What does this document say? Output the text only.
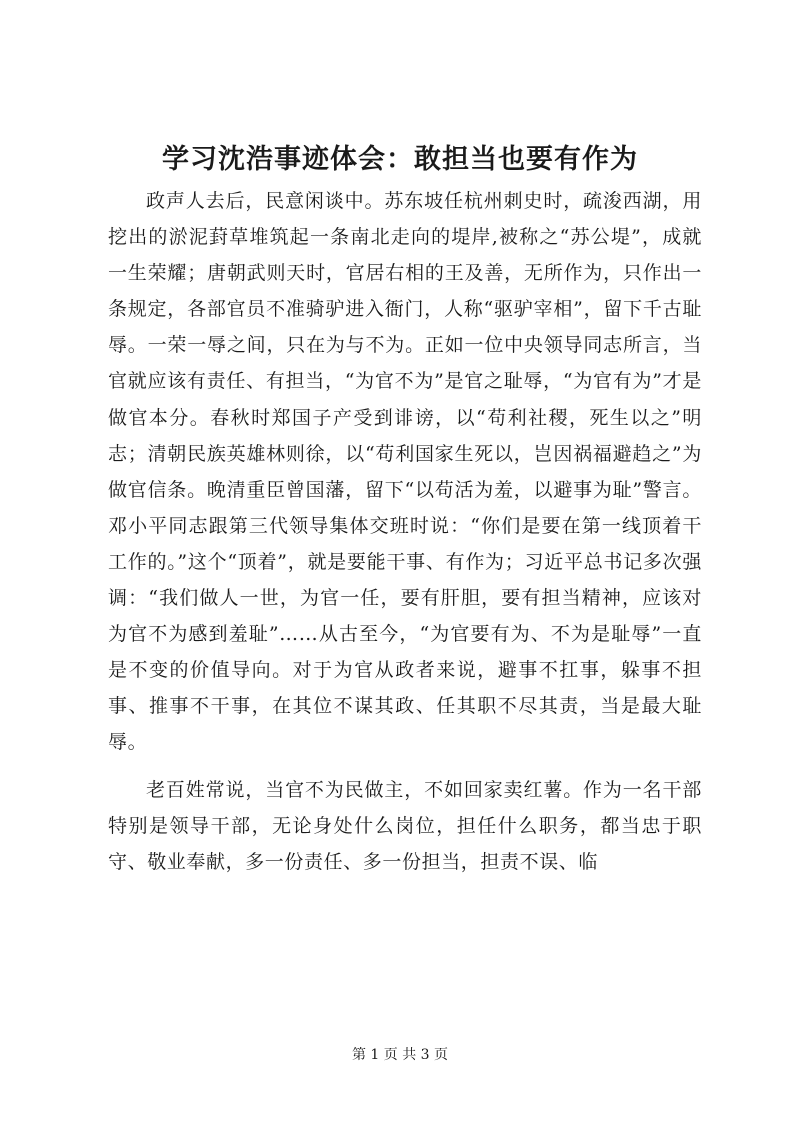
学习沈浩事迹体会：敢担当也要有作为

政声人去后，民意闲谈中。苏东坡任杭州刺史时，疏浚西湖，用挖出的淤泥葑草堆筑起一条南北走向的堤岸,被称之“苏公堤”，成就一生荣耀；唐朝武则天时，官居右相的王及善，无所作为，只作出一条规定，各部官员不准骑驴进入衙门，人称“驱驴宰相”，留下千古耻辱。一荣一辱之间，只在为与不为。正如一位中央领导同志所言，当官就应该有责任、有担当，“为官不为”是官之耻辱，“为官有为”才是做官本分。春秋时郑国子产受到诽谤，以“苟利社稷，死生以之”明志；清朝民族英雄林则徐，以“苟利国家生死以，岂因祸福避趋之”为做官信条。晚清重臣曾国藩，留下“以苟活为羞，以避事为耻”警言。邓小平同志跟第三代领导集体交班时说：“你们是要在第一线顶着干工作的。”这个“顶着”，就是要能干事、有作为；习近平总书记多次强调：“我们做人一世，为官一任，要有肝胆，要有担当精神，应该对为官不为感到羞耻”……从古至今，“为官要有为、不为是耻辱”一直是不变的价值导向。对于为官从政者来说，避事不扛事，躲事不担事、推事不干事，在其位不谋其政、任其职不尽其责，当是最大耻辱。

老百姓常说，当官不为民做主，不如回家卖红薯。作为一名干部特别是领导干部，无论身处什么岗位，担任什么职务，都当忠于职守、敬业奉献，多一份责任、多一份担当，担责不误、临

第 1 页 共 3 页
